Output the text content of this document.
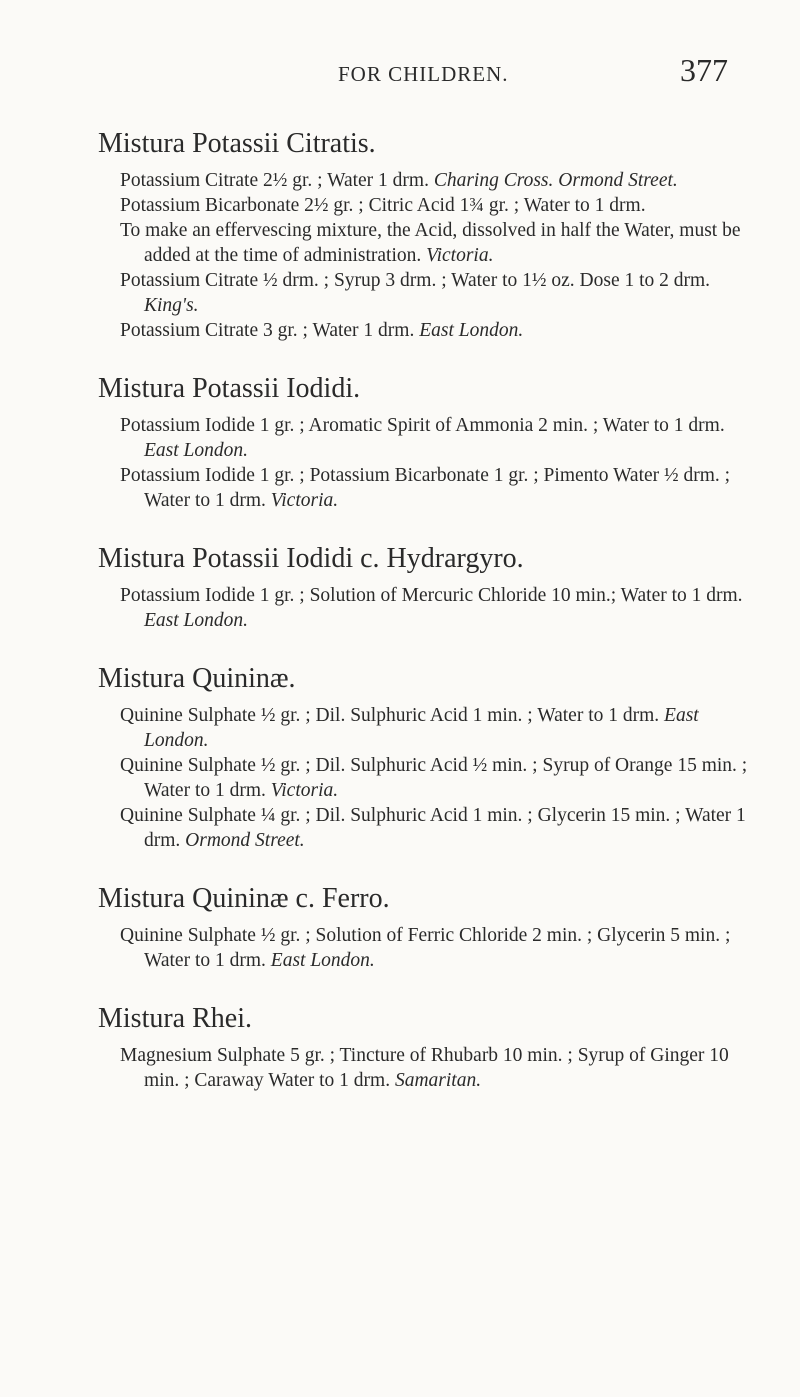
FOR CHILDREN.	377
Mistura Potassii Citratis.
Potassium Citrate 2½ gr. ; Water 1 drm. Charing Cross. Ormond Street.
Potassium Bicarbonate 2½ gr. ; Citric Acid 1¾ gr. ; Water to 1 drm.
To make an effervescing mixture, the Acid, dissolved in half the Water, must be added at the time of administration. Victoria.
Potassium Citrate ½ drm. ; Syrup 3 drm. ; Water to 1½ oz. Dose 1 to 2 drm. King's.
Potassium Citrate 3 gr. ; Water 1 drm. East London.
Mistura Potassii Iodidi.
Potassium Iodide 1 gr. ; Aromatic Spirit of Ammonia 2 min. ; Water to 1 drm. East London.
Potassium Iodide 1 gr. ; Potassium Bicarbonate 1 gr. ; Pimento Water ½ drm. ; Water to 1 drm. Victoria.
Mistura Potassii Iodidi c. Hydrargyro.
Potassium Iodide 1 gr. ; Solution of Mercuric Chloride 10 min.; Water to 1 drm. East London.
Mistura Quininæ.
Quinine Sulphate ½ gr. ; Dil. Sulphuric Acid 1 min. ; Water to 1 drm. East London.
Quinine Sulphate ½ gr. ; Dil. Sulphuric Acid ½ min. ; Syrup of Orange 15 min. ; Water to 1 drm. Victoria.
Quinine Sulphate ¼ gr. ; Dil. Sulphuric Acid 1 min. ; Glycerin 15 min. ; Water 1 drm. Ormond Street.
Mistura Quininæ c. Ferro.
Quinine Sulphate ½ gr. ; Solution of Ferric Chloride 2 min. ; Glycerin 5 min. ; Water to 1 drm. East London.
Mistura Rhei.
Magnesium Sulphate 5 gr. ; Tincture of Rhubarb 10 min. ; Syrup of Ginger 10 min. ; Caraway Water to 1 drm. Samaritan.
